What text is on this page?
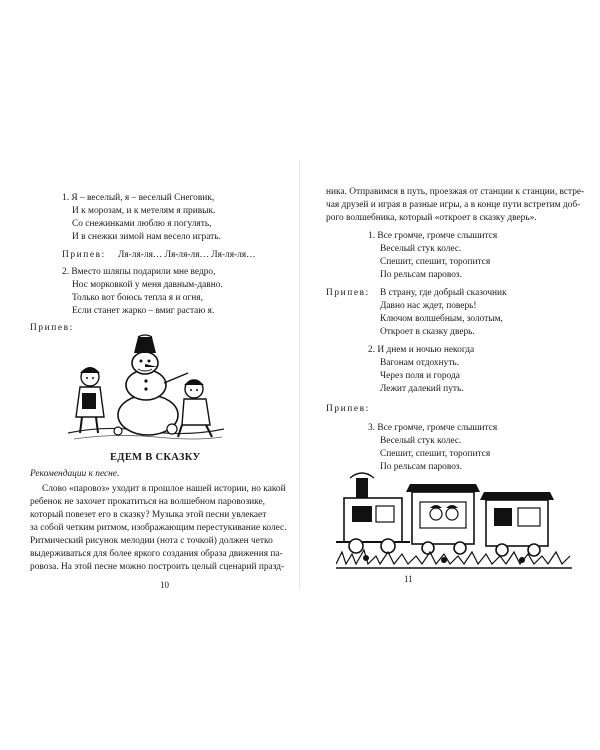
1. Я – веселый, я – веселый Снеговик,
И к морозам, и к метелям я привык.
Со снежинками люблю я погулять,
И в снежки зимой нам весело играть.
Припев: Ля-ля-ля… Ля-ля-ля… Ля-ля-ля…
2. Вместо шляпы подарили мне ведро,
Нос морковкой у меня давным-давно.
Только вот боюсь тепла я и огня,
Если станет жарко – вмиг растаю я.
Припев:
ЕДЕМ В СКАЗКУ
Рекомендации к песне.
Слово «паровоз» уходит в прошлое нашей истории, но какой
ребенок не захочет прокатиться на волшебном паровозике,
который повезет его в сказку? Музыка этой песни увлекает
за собой четким ритмом, изображающим перестукивание колес.
Ритмический рисунок мелодии (нота с точкой) должен четко
выдерживаться для более яркого создания образа движения па-
ровоза. На этой песне можно построить целый сценарий празд-
10
ника. Отправимся в путь, проезжая от станции к станции, встре-
чая друзей и играя в разные игры, а в конце пути встретим доб-
рого волшебника, который «откроет в сказку дверь».
1. Все громче, громче слышится
Веселый стук колес.
Спешит, спешит, торопится
По рельсам паровоз.
Припев: В страну, где добрый сказочник
Давно нас ждет, поверь!
Ключом волшебным, золотым,
Откроет в сказку дверь.
2. И днем и ночью некогда
Вагонам отдохнуть.
Через поля и города
Лежит далекий путь.
Припев:
3. Все громче, громче слышится
Веселый стук колес.
Спешит, спешит, торопится
По рельсам паровоз.
11
